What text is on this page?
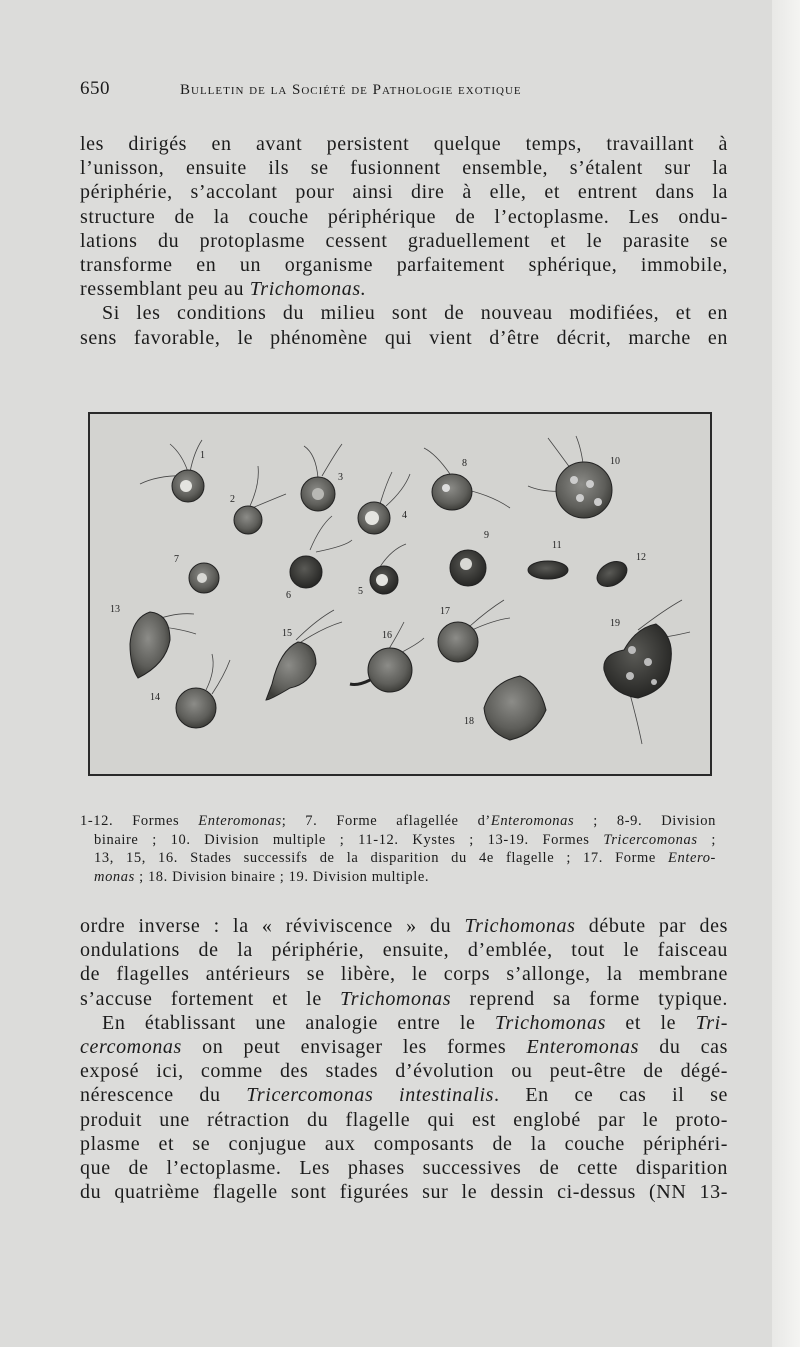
650	Bulletin de la Société de Pathologie exotique
les dirigés en avant persistent quelque temps, travaillant à
l’unisson, ensuite ils se fusionnent ensemble, s’étalent sur la
périphérie, s’accolant pour ainsi dire à elle, et entrent dans la
structure de la couche périphérique de l’ectoplasme. Les ondu-
lations du protoplasme cessent graduellement et le parasite se
transforme en un organisme parfaitement sphérique, immobile,
ressemblant peu au Trichomonas.
Si les conditions du milieu sont de nouveau modifiées, et en
sens favorable, le phénomène qui vient d’être décrit, marche en
1
2
3
4
5
6
7
8
9
10
11
12
13
14
15	16
17
18
19
1-12. Formes Enteromonas; 7. Forme aflagellée d’Enteromonas ; 8-9. Division
binaire ; 10. Division multiple ; 11-12. Kystes ; 13-19. Formes Tricercomonas ;
13, 15, 16. Stades successifs de la disparition du 4e flagelle ; 17. Forme Entero-
monas ; 18. Division binaire ; 19. Division multiple.
ordre inverse : la « réviviscence » du Trichomonas débute par des
ondulations de la périphérie, ensuite, d’emblée, tout le faisceau
de flagelles antérieurs se libère, le corps s’allonge, la membrane
s’accuse fortement et le Trichomonas reprend sa forme typique.
En établissant une analogie entre le Trichomonas et le Tri-
cercomonas on peut envisager les formes Enteromonas du cas
exposé ici, comme des stades d’évolution ou peut-être de dégé-
nérescence du Tricercomonas intestinalis. En ce cas il se
produit une rétraction du flagelle qui est englobé par le proto-
plasme et se conjugue aux composants de la couche périphéri-
que de l’ectoplasme. Les phases successives de cette disparition
du quatrième flagelle sont figurées sur le dessin ci-dessus (NN 13-
